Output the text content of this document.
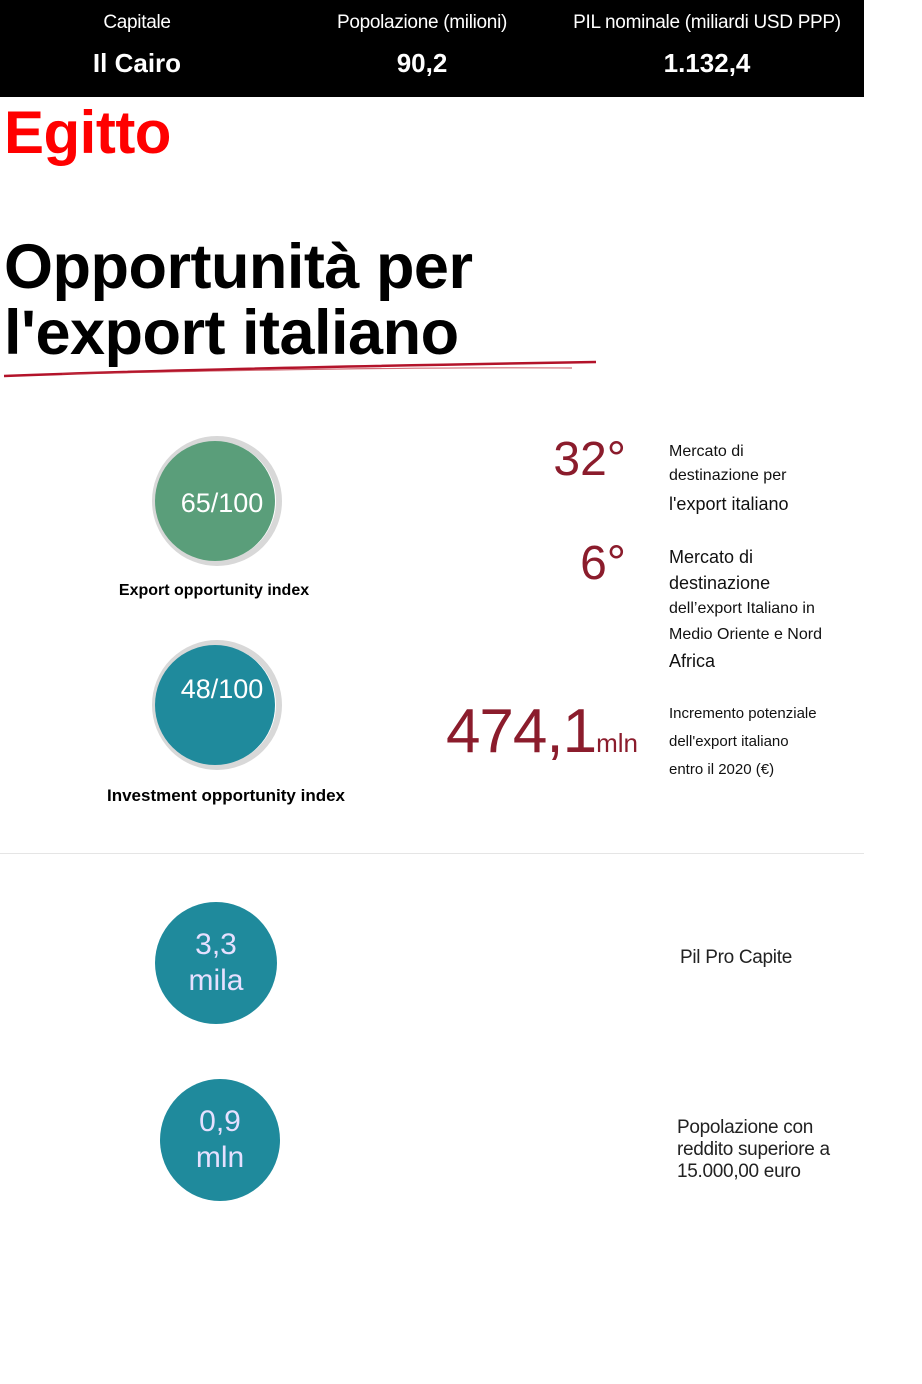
Capitale
Il Cairo
Popolazione (milioni)
90,2
PIL nominale (miliardi USD PPP)
1.132,4
Egitto
Opportunità per
l'export italiano
65/100
Export opportunity index
48/100
Investment opportunity index
32°	Mercato di
destinazione per
l'export italiano
6° Mercato di
destinazione
dell’export Italiano in
Medio Oriente e Nord
Africa
474,1mln
Incremento potenziale
dell'export italiano
entro il 2020 (€)
3,3
mila
Pil Pro Capite
0,9
mln
Popolazione con
reddito superiore a
15.000,00 euro
